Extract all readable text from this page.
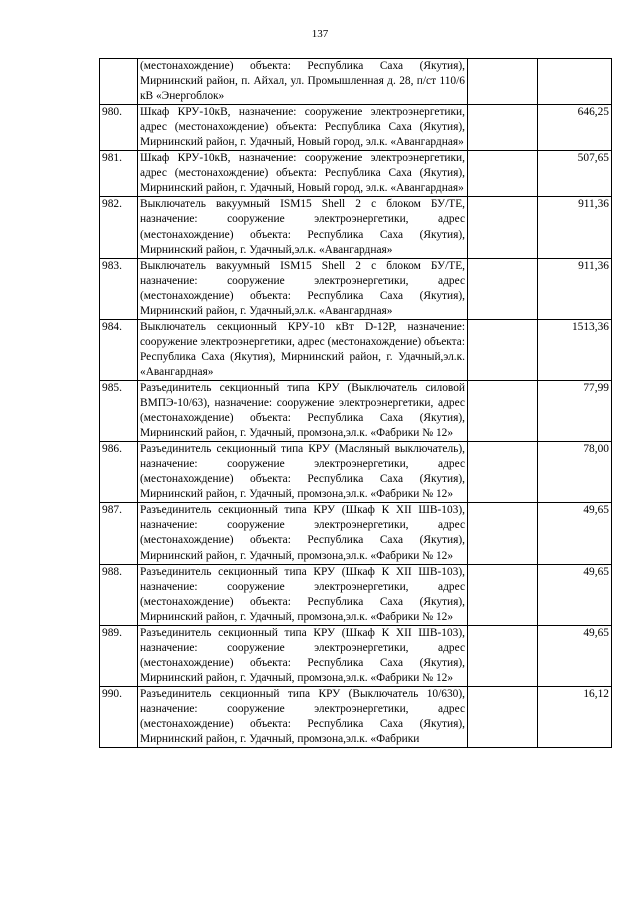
137
	(местонахождение) объекта: Республика Саха (Якутия), Мирнинский район, п. Айхал, ул. Промышленная д. 28, п/ст 110/6 кВ «Энергоблок»		
980.	Шкаф КРУ-10кВ, назначение: сооружение электроэнергетики, адрес (местонахождение) объекта: Республика Саха (Якутия), Мирнинский район, г. Удачный, Новый город, эл.к. «Авангардная»		646,25
981.	Шкаф КРУ-10кВ, назначение: сооружение электроэнергетики, адрес (местонахождение) объекта: Республика Саха (Якутия), Мирнинский район, г. Удачный, Новый город, эл.к. «Авангардная»		507,65
982.	Выключатель вакуумный ISM15 Shell 2 с блоком БУ/TE, назначение: сооружение электроэнергетики, адрес (местонахождение) объекта: Республика Саха (Якутия), Мирнинский район, г. Удачный,эл.к. «Авангардная»		911,36
983.	Выключатель вакуумный ISM15 Shell 2 с блоком БУ/TE, назначение: сооружение электроэнергетики, адрес (местонахождение) объекта: Республика Саха (Якутия), Мирнинский район, г. Удачный,эл.к. «Авангардная»		911,36
984.	Выключатель секционный КРУ-10 кВт D-12P, назначение: сооружение электроэнергетики, адрес (местонахождение) объекта: Республика Саха (Якутия), Мирнинский район, г. Удачный,эл.к. «Авангардная»		1513,36
985.	Разъединитель секционный типа КРУ (Выключатель силовой ВМПЭ-10/63), назначение: сооружение электроэнергетики, адрес (местонахождение) объекта: Республика Саха (Якутия), Мирнинский район, г. Удачный, промзона,эл.к. «Фабрики № 12»		77,99
986.	Разъединитель секционный типа КРУ (Масляный выключатель), назначение: сооружение электроэнергетики, адрес (местонахождение) объекта: Республика Саха (Якутия), Мирнинский район, г. Удачный, промзона,эл.к. «Фабрики № 12»		78,00
987.	Разъединитель секционный типа КРУ (Шкаф К XII ШВ-103), назначение: сооружение электроэнергетики, адрес (местонахождение) объекта: Республика Саха (Якутия), Мирнинский район, г. Удачный, промзона,эл.к. «Фабрики № 12»		49,65
988.	Разъединитель секционный типа КРУ (Шкаф К XII ШВ-103), назначение: сооружение электроэнергетики, адрес (местонахождение) объекта: Республика Саха (Якутия), Мирнинский район, г. Удачный, промзона,эл.к. «Фабрики № 12»		49,65
989.	Разъединитель секционный типа КРУ (Шкаф К XII ШВ-103), назначение: сооружение электроэнергетики, адрес (местонахождение) объекта: Республика Саха (Якутия), Мирнинский район, г. Удачный, промзона,эл.к. «Фабрики № 12»		49,65
990.	Разъединитель секционный типа КРУ (Выключатель 10/630), назначение: сооружение электроэнергетики, адрес (местонахождение) объекта: Республика Саха (Якутия), Мирнинский район, г. Удачный, промзона,эл.к. «Фабрики		16,12
